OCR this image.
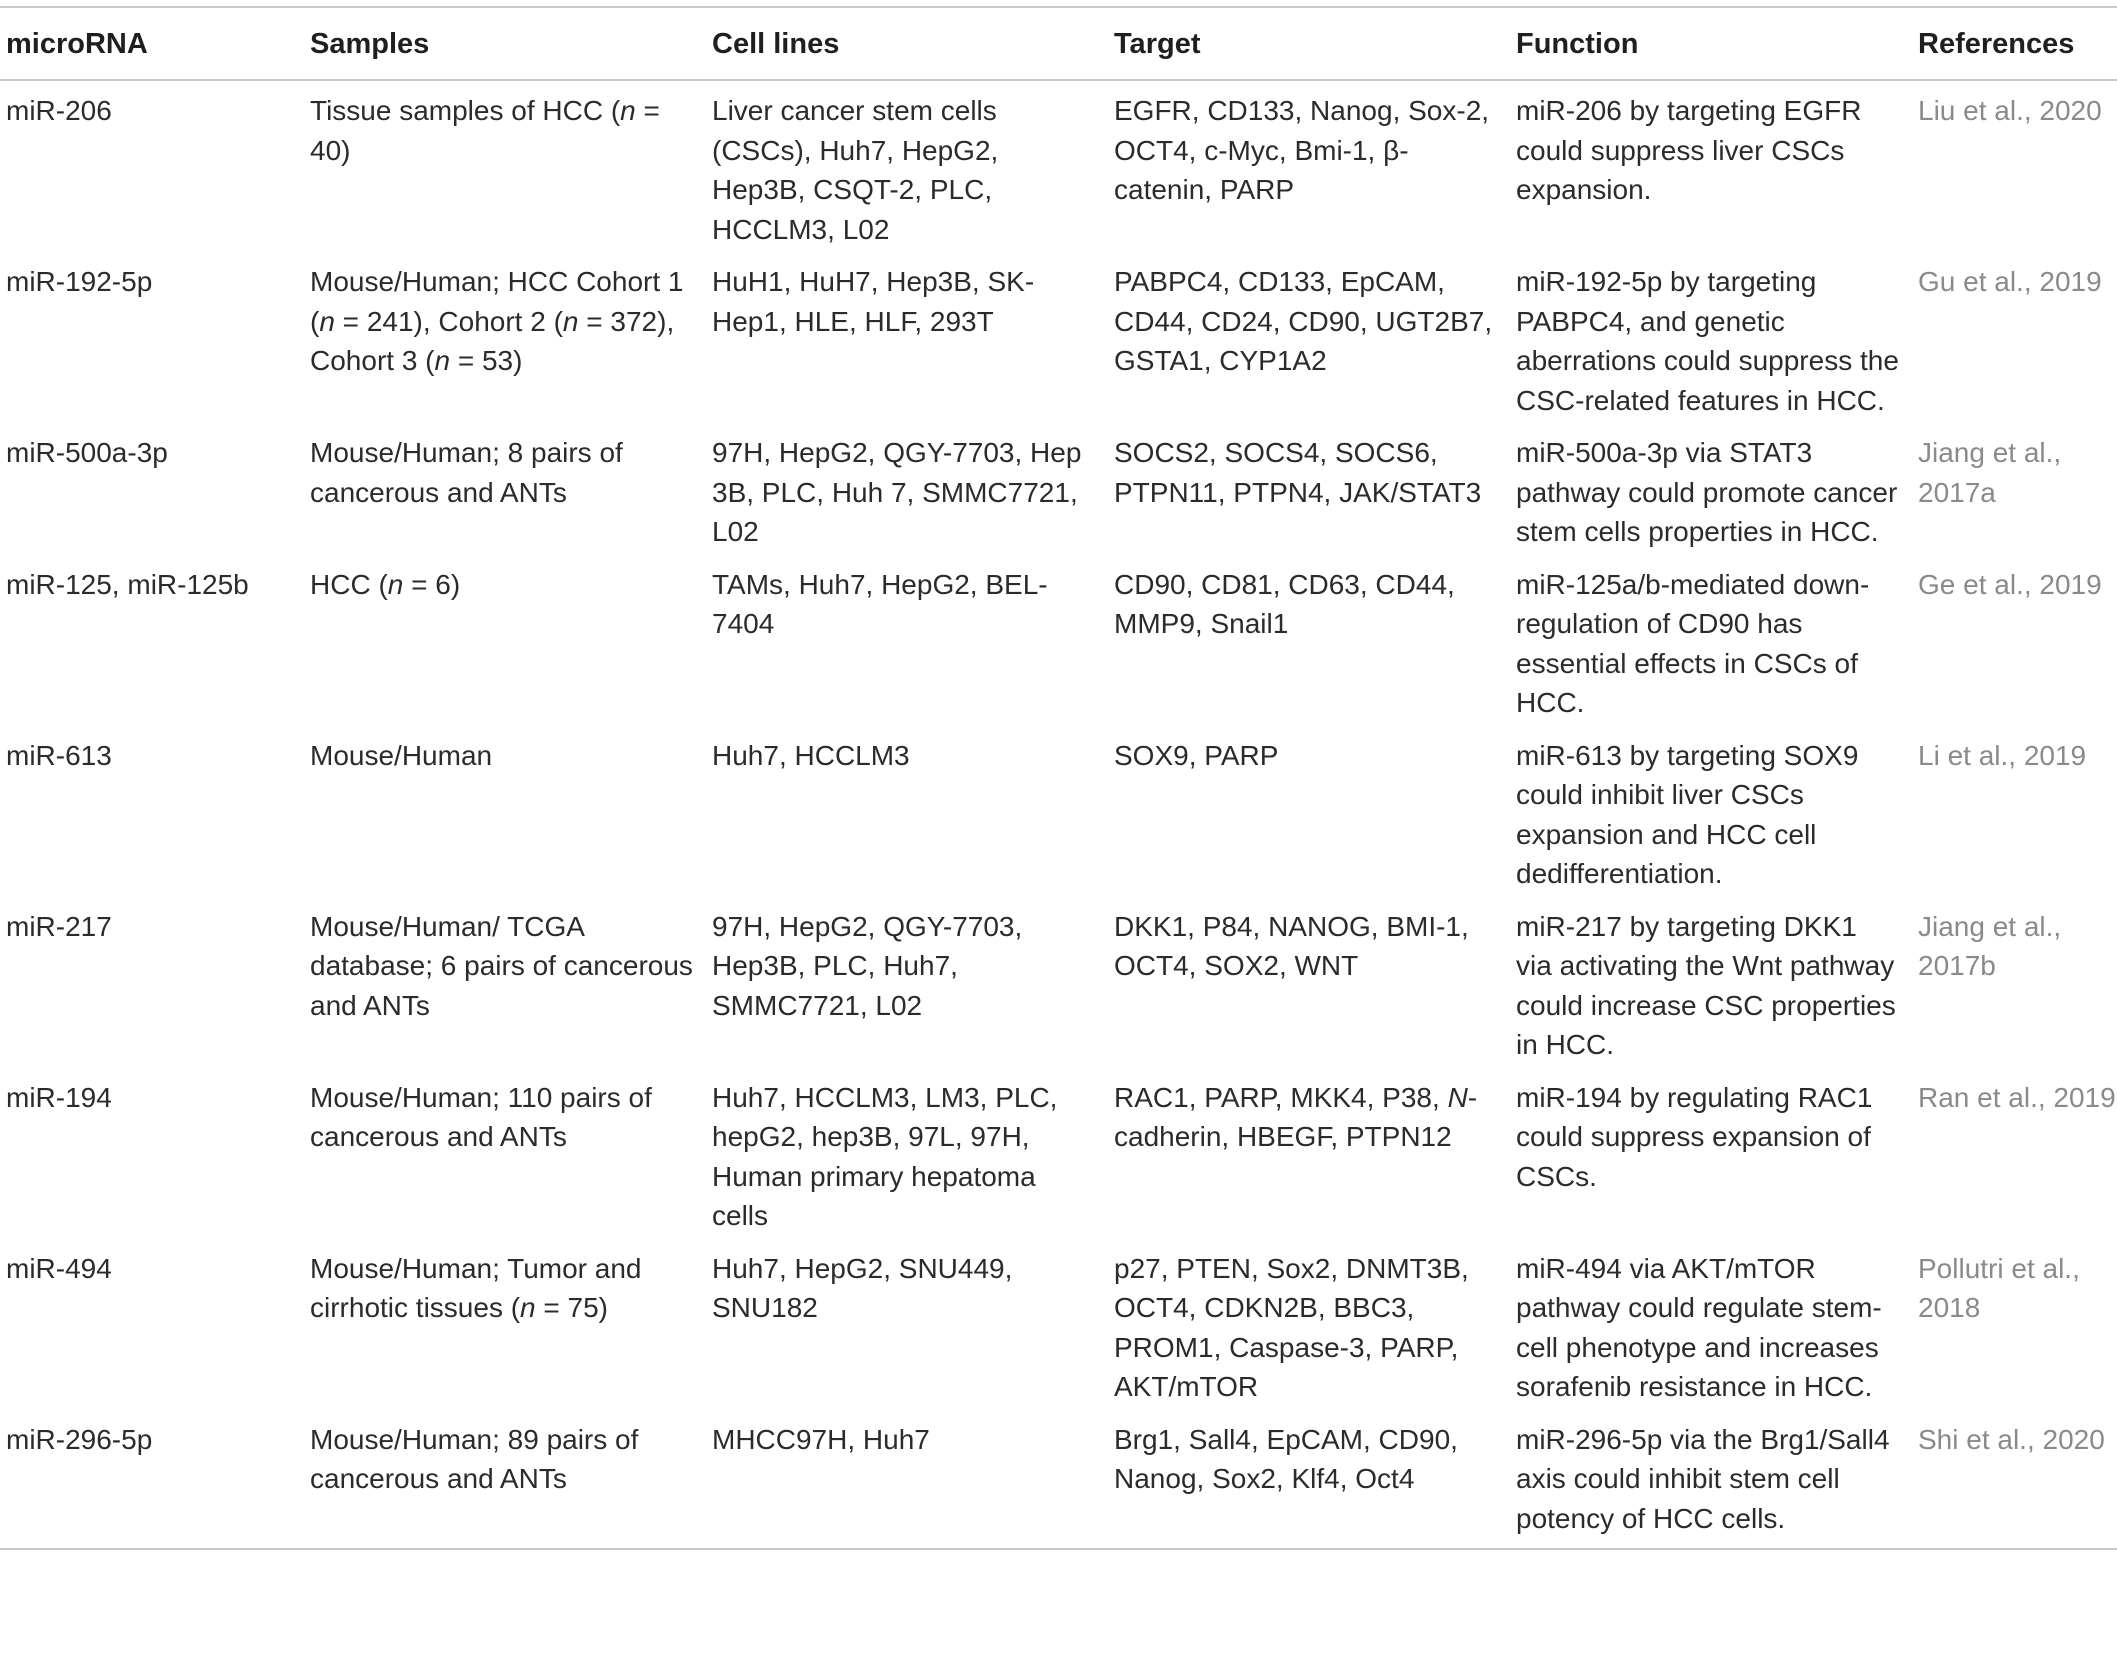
microRNA	Samples	Cell lines	Target	Function	References
miR-206	Tissue samples of HCC (n = 40)	Liver cancer stem cells (CSCs), Huh7, HepG2, Hep3B, CSQT-2, PLC, HCCLM3, L02	EGFR, CD133, Nanog, Sox-2, OCT4, c-Myc, Bmi-1, β-catenin, PARP	miR-206 by targeting EGFR could suppress liver CSCs expansion.	Liu et al., 2020
miR-192-5p	Mouse/Human; HCC Cohort 1 (n = 241), Cohort 2 (n = 372), Cohort 3 (n = 53)	HuH1, HuH7, Hep3B, SK-Hep1, HLE, HLF, 293T	PABPC4, CD133, EpCAM, CD44, CD24, CD90, UGT2B7, GSTA1, CYP1A2	miR-192-5p by targeting PABPC4, and genetic aberrations could suppress the CSC-related features in HCC.	Gu et al., 2019
miR-500a-3p	Mouse/Human; 8 pairs of cancerous and ANTs	97H, HepG2, QGY-7703, Hep 3B, PLC, Huh 7, SMMC7721, L02	SOCS2, SOCS4, SOCS6, PTPN11, PTPN4, JAK/STAT3	miR-500a-3p via STAT3 pathway could promote cancer stem cells properties in HCC.	Jiang et al., 2017a
miR-125, miR-125b	HCC (n = 6)	TAMs, Huh7, HepG2, BEL-7404	CD90, CD81, CD63, CD44, MMP9, Snail1	miR-125a/b-mediated down-regulation of CD90 has essential effects in CSCs of HCC.	Ge et al., 2019
miR-613	Mouse/Human	Huh7, HCCLM3	SOX9, PARP	miR-613 by targeting SOX9 could inhibit liver CSCs expansion and HCC cell dedifferentiation.	Li et al., 2019
miR-217	Mouse/Human/ TCGA database; 6 pairs of cancerous and ANTs	97H, HepG2, QGY-7703, Hep3B, PLC, Huh7, SMMC7721, L02	DKK1, P84, NANOG, BMI-1, OCT4, SOX2, WNT	miR-217 by targeting DKK1 via activating the Wnt pathway could increase CSC properties in HCC.	Jiang et al., 2017b
miR-194	Mouse/Human; 110 pairs of cancerous and ANTs	Huh7, HCCLM3, LM3, PLC, hepG2, hep3B, 97L, 97H, Human primary hepatoma cells	RAC1, PARP, MKK4, P38, N-cadherin, HBEGF, PTPN12	miR-194 by regulating RAC1 could suppress expansion of CSCs.	Ran et al., 2019
miR-494	Mouse/Human; Tumor and cirrhotic tissues (n = 75)	Huh7, HepG2, SNU449, SNU182	p27, PTEN, Sox2, DNMT3B, OCT4, CDKN2B, BBC3, PROM1, Caspase-3, PARP, AKT/mTOR	miR-494 via AKT/mTOR pathway could regulate stem-cell phenotype and increases sorafenib resistance in HCC.	Pollutri et al., 2018
miR-296-5p	Mouse/Human; 89 pairs of cancerous and ANTs	MHCC97H, Huh7	Brg1, Sall4, EpCAM, CD90, Nanog, Sox2, Klf4, Oct4	miR-296-5p via the Brg1/Sall4 axis could inhibit stem cell potency of HCC cells.	Shi et al., 2020
